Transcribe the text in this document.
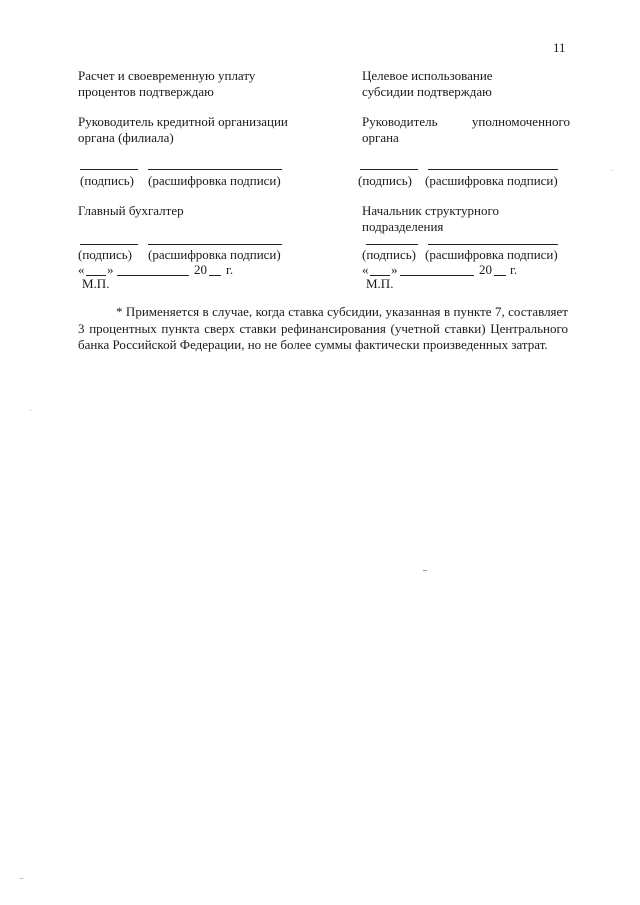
11
Расчет и своевременную уплату
процентов подтверждаю
Руководитель кредитной организации
органа (филиала)
(подпись) (расшифровка подписи)
Главный бухгалтер
(подпись) (расшифровка подписи)
« »	20 г.
М.П.
Целевое использование
субсидии подтверждаю
Руководитель	уполномоченного
органа
(подпись) (расшифровка подписи)
Начальник структурного
подразделения
(подпись) (расшифровка подписи)
« »	20 г.
М.П.
* Применяется в случае, когда ставка субсидии, указанная в пункте 7, составляет 3 процентных пункта сверх ставки рефинансирования (учетной ставки) Центрального банка Российской Федерации, но не более суммы фактически произведенных затрат.
